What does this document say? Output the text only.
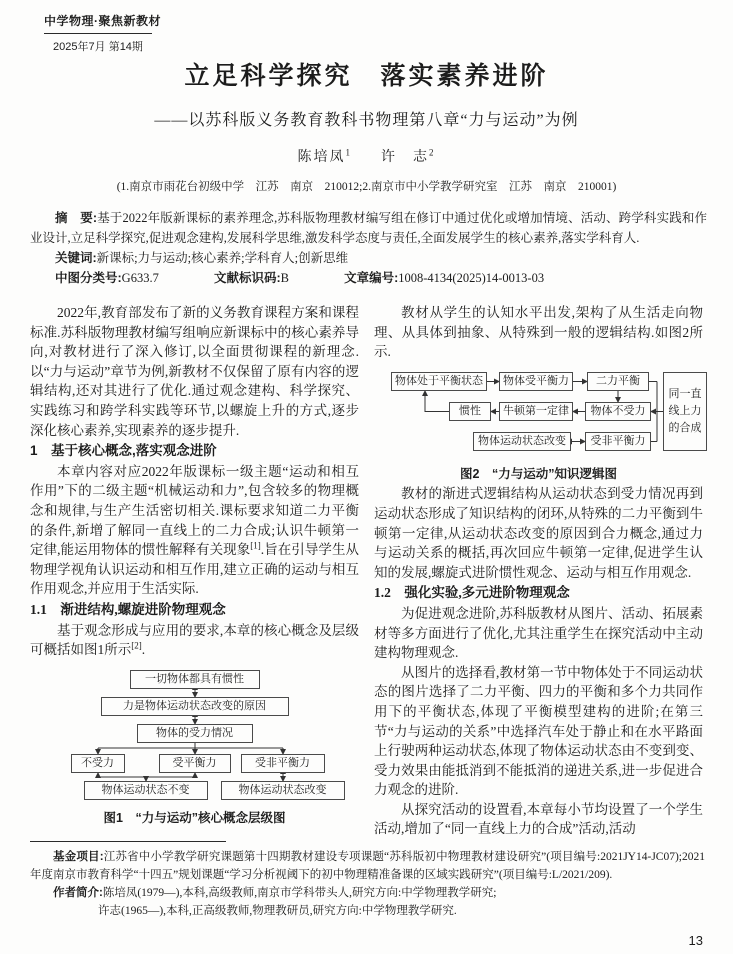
中学物理·聚焦新教材
2025年7月 第14期
立足科学探究　落实素养进阶
——以苏科版义务教育教科书物理第八章“力与运动”为例
陈培凤$^1$ 许　志$^2$
(1.南京市雨花台初级中学　江苏　南京　210012;2.南京市中小学教学研究室　江苏　南京　210001)

摘　要:基于2022年版新课标的素养理念,苏科版物理教材编写组在修订中通过优化或增加情境、活动、跨学科实践和作业设计,立足科学探究,促进观念建构,发展科学思维,激发科学态度与责任,全面发展学生的核心素养,落实学科育人.

关键词:新课标;力与运动;核心素养;学科育人;创新思维

中图分类号:G633.7	文献标识码:B	文章编号:1008-4134(2025)14-0013-03

2022年,教育部发布了新的义务教育课程方案和课程标准.苏科版物理教材编写组响应新课标中的核心素养导向,对教材进行了深入修订,以全面贯彻课程的新理念.以“力与运动”章节为例,新教材不仅保留了原有内容的逻辑结构,还对其进行了优化.通过观念建构、科学探究、实践练习和跨学科实践等环节,以螺旋上升的方式,逐步深化核心素养,实现素养的逐步提升.

1　基于核心概念,落实观念进阶

本章内容对应2022年版课标一级主题“运动和相互作用”下的二级主题“机械运动和力”,包含较多的物理概念和规律,与生产生活密切相关.课标要求知道二力平衡的条件,新增了解同一直线上的二力合成;认识牛顿第一定律,能运用物体的惯性解释有关现象[1].旨在引导学生从物理学视角认识运动和相互作用,建立正确的运动与相互作用观念,并应用于生活实际.

1.1　渐进结构,螺旋进阶物理观念

基于观念形成与应用的要求,本章的核心概念及层级可概括如图1所示[2].

一切物体都具有惯性
力是物体运动状态改变的原因
物体的受力情况
不受力	受平衡力	受非平衡力
物体运动状态不变	物体运动状态改变
图1　“力与运动”核心概念层级图

教材从学生的认知水平出发,架构了从生活走向物理、从具体到抽象、从特殊到一般的逻辑结构.如图2所示.

物体处于平衡状态	物体受平衡力	二力平衡
惯性	牛顿第一定律	物体不受力
物体运动状态改变	受非平衡力
同一直线上力的合成
图2　“力与运动”知识逻辑图

教材的渐进式逻辑结构从运动状态到受力情况再到运动状态形成了知识结构的闭环,从特殊的二力平衡到牛顿第一定律,从运动状态改变的原因到合力概念,通过力与运动关系的概括,再次回应牛顿第一定律,促进学生认知的发展,螺旋式进阶惯性观念、运动与相互作用观念.

1.2　强化实验,多元进阶物理观念

为促进观念进阶,苏科版教材从图片、活动、拓展素材等多方面进行了优化,尤其注重学生在探究活动中主动建构物理观念.

从图片的选择看,教材第一节中物体处于不同运动状态的图片选择了二力平衡、四力的平衡和多个力共同作用下的平衡状态,体现了平衡模型建构的进阶;在第三节“力与运动的关系”中选择汽车处于静止和在水平路面上行驶两种运动状态,体现了物体运动状态由不变到变、受力效果由能抵消到不能抵消的递进关系,进一步促进合力观念的进阶.

从探究活动的设置看,本章每小节均设置了一个学生活动,增加了“同一直线上力的合成”活动,活动

基金项目:江苏省中小学教学研究课题第十四期教材建设专项课题“苏科版初中物理教材建设研究”(项目编号:2021JY14-JC07);2021年度南京市教育科学“十四五”规划课题“学习分析视阈下的初中物理精准备课的区域实践研究”(项目编号:L/2021/209).

作者简介:陈培凤(1979—),本科,高级教师,南京市学科带头人,研究方向:中学物理教学研究;

许志(1965—),本科,正高级教师,物理教研员,研究方向:中学物理教学研究.

13
